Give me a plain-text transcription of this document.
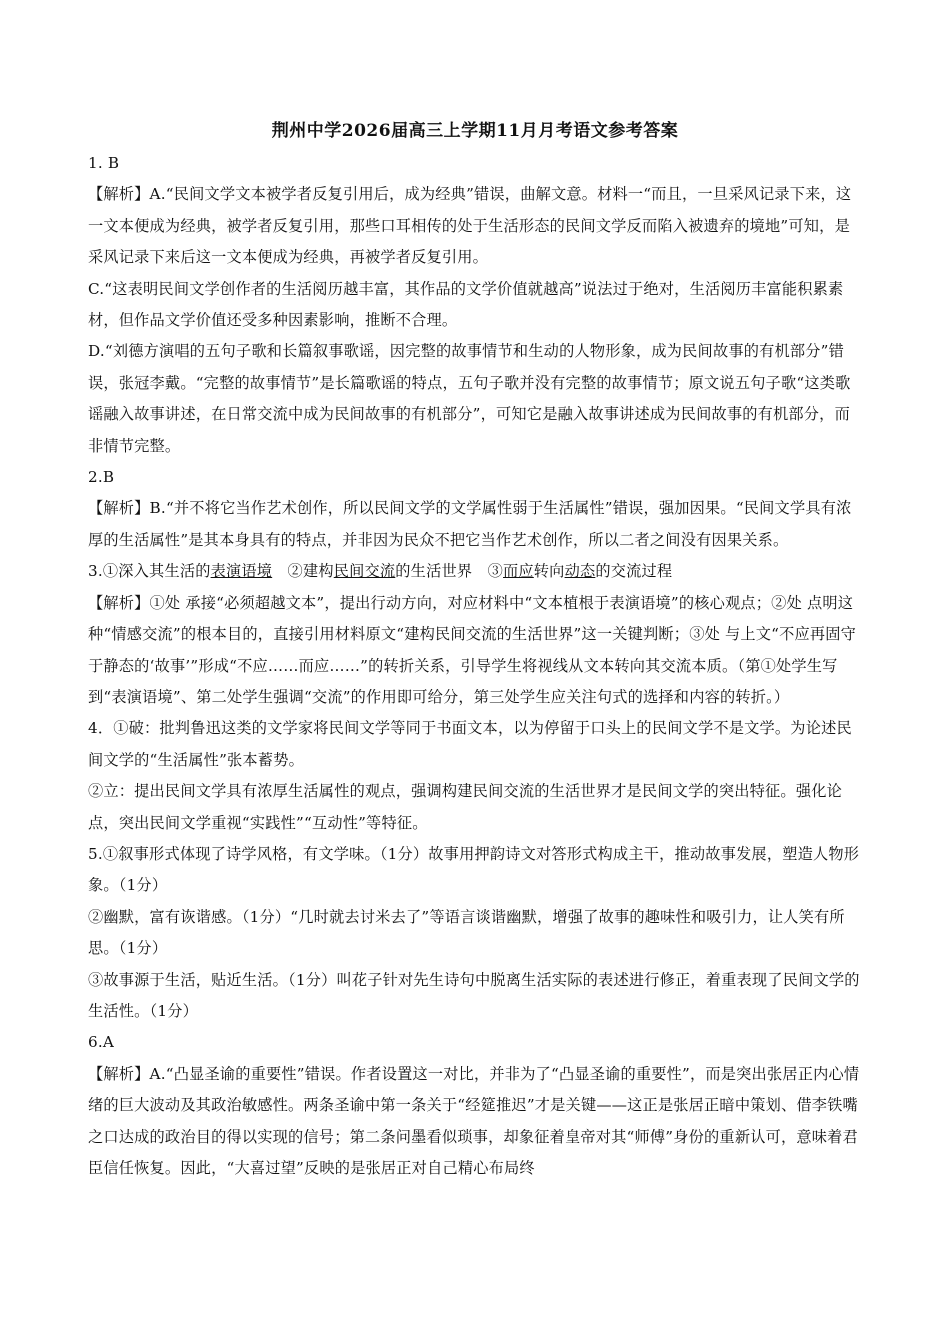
荆州中学2026届高三上学期11月月考语文参考答案

1. B

【解析】A.“民间文学文本被学者反复引用后，成为经典”错误，曲解文意。材料一“而且，一旦采风记录下来，这一文本便成为经典，被学者反复引用，那些口耳相传的处于生活形态的民间文学反而陷入被遗弃的境地”可知，是采风记录下来后这一文本便成为经典，再被学者反复引用。

C.“这表明民间文学创作者的生活阅历越丰富，其作品的文学价值就越高”说法过于绝对，生活阅历丰富能积累素材，但作品文学价值还受多种因素影响，推断不合理。

D.“刘德方演唱的五句子歌和长篇叙事歌谣，因完整的故事情节和生动的人物形象，成为民间故事的有机部分”错误，张冠李戴。“完整的故事情节”是长篇歌谣的特点，五句子歌并没有完整的故事情节；原文说五句子歌“这类歌谣融入故事讲述，在日常交流中成为民间故事的有机部分”，可知它是融入故事讲述成为民间故事的有机部分，而非情节完整。

2.B

【解析】B.“并不将它当作艺术创作，所以民间文学的文学属性弱于生活属性”错误，强加因果。“民间文学具有浓厚的生活属性”是其本身具有的特点，并非因为民众不把它当作艺术创作，所以二者之间没有因果关系。

3.①深入其生活的表演语境　②建构民间交流的生活世界　③而应转向动态的交流过程

【解析】①处 承接“必须超越文本”，提出行动方向，对应材料中“文本植根于表演语境”的核心观点；②处 点明这种“情感交流”的根本目的，直接引用材料原文“建构民间交流的生活世界”这一关键判断；③处 与上文“不应再固守于静态的‘故事’”形成“不应……而应……”的转折关系，引导学生将视线从文本转向其交流本质。（第①处学生写到“表演语境”、第二处学生强调“交流”的作用即可给分，第三处学生应关注句式的选择和内容的转折。）

4．①破：批判鲁迅这类的文学家将民间文学等同于书面文本，以为停留于口头上的民间文学不是文学。为论述民间文学的“生活属性”张本蓄势。

②立：提出民间文学具有浓厚生活属性的观点，强调构建民间交流的生活世界才是民间文学的突出特征。强化论点，突出民间文学重视“实践性”“互动性”等特征。

5.①叙事形式体现了诗学风格，有文学味。（1分）故事用押韵诗文对答形式构成主干，推动故事发展，塑造人物形象。（1分）

②幽默，富有诙谐感。（1分）“几时就去讨米去了”等语言谈谐幽默，增强了故事的趣味性和吸引力，让人笑有所思。（1分）

③故事源于生活，贴近生活。（1分）叫花子针对先生诗句中脱离生活实际的表述进行修正，着重表现了民间文学的生活性。（1分）

6.A

【解析】A.“凸显圣谕的重要性”错误。作者设置这一对比，并非为了“凸显圣谕的重要性”，而是突出张居正内心情绪的巨大波动及其政治敏感性。两条圣谕中第一条关于“经筵推迟”才是关键——这正是张居正暗中策划、借李铁嘴之口达成的政治目的得以实现的信号；第二条问墨看似琐事，却象征着皇帝对其“师傅”身份的重新认可，意味着君臣信任恢复。因此，“大喜过望”反映的是张居正对自己精心布局终
